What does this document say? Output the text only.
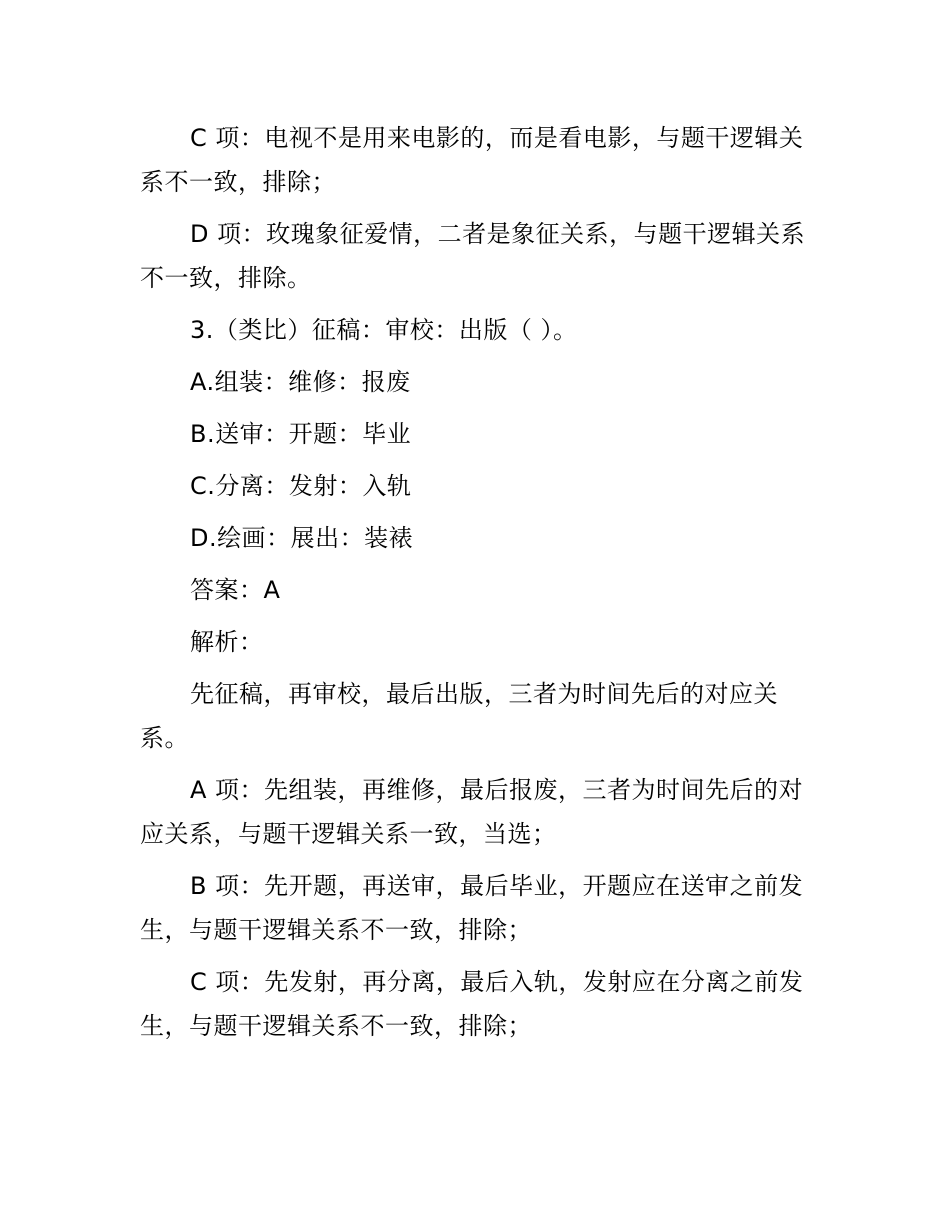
C 项：电视不是用来电影的，而是看电影，与题干逻辑关
系不一致，排除；
D 项：玫瑰象征爱情，二者是象征关系，与题干逻辑关系
不一致，排除。
3.（类比）征稿：审校：出版（ ）。
A.组装：维修：报废
B.送审：开题：毕业
C.分离：发射：入轨
D.绘画：展出：装裱
答案：A
解析：
先征稿，再审校，最后出版，三者为时间先后的对应关
系。
A 项：先组装，再维修，最后报废，三者为时间先后的对
应关系，与题干逻辑关系一致，当选；
B 项：先开题，再送审，最后毕业，开题应在送审之前发
生，与题干逻辑关系不一致，排除；
C 项：先发射，再分离，最后入轨，发射应在分离之前发
生，与题干逻辑关系不一致，排除；
